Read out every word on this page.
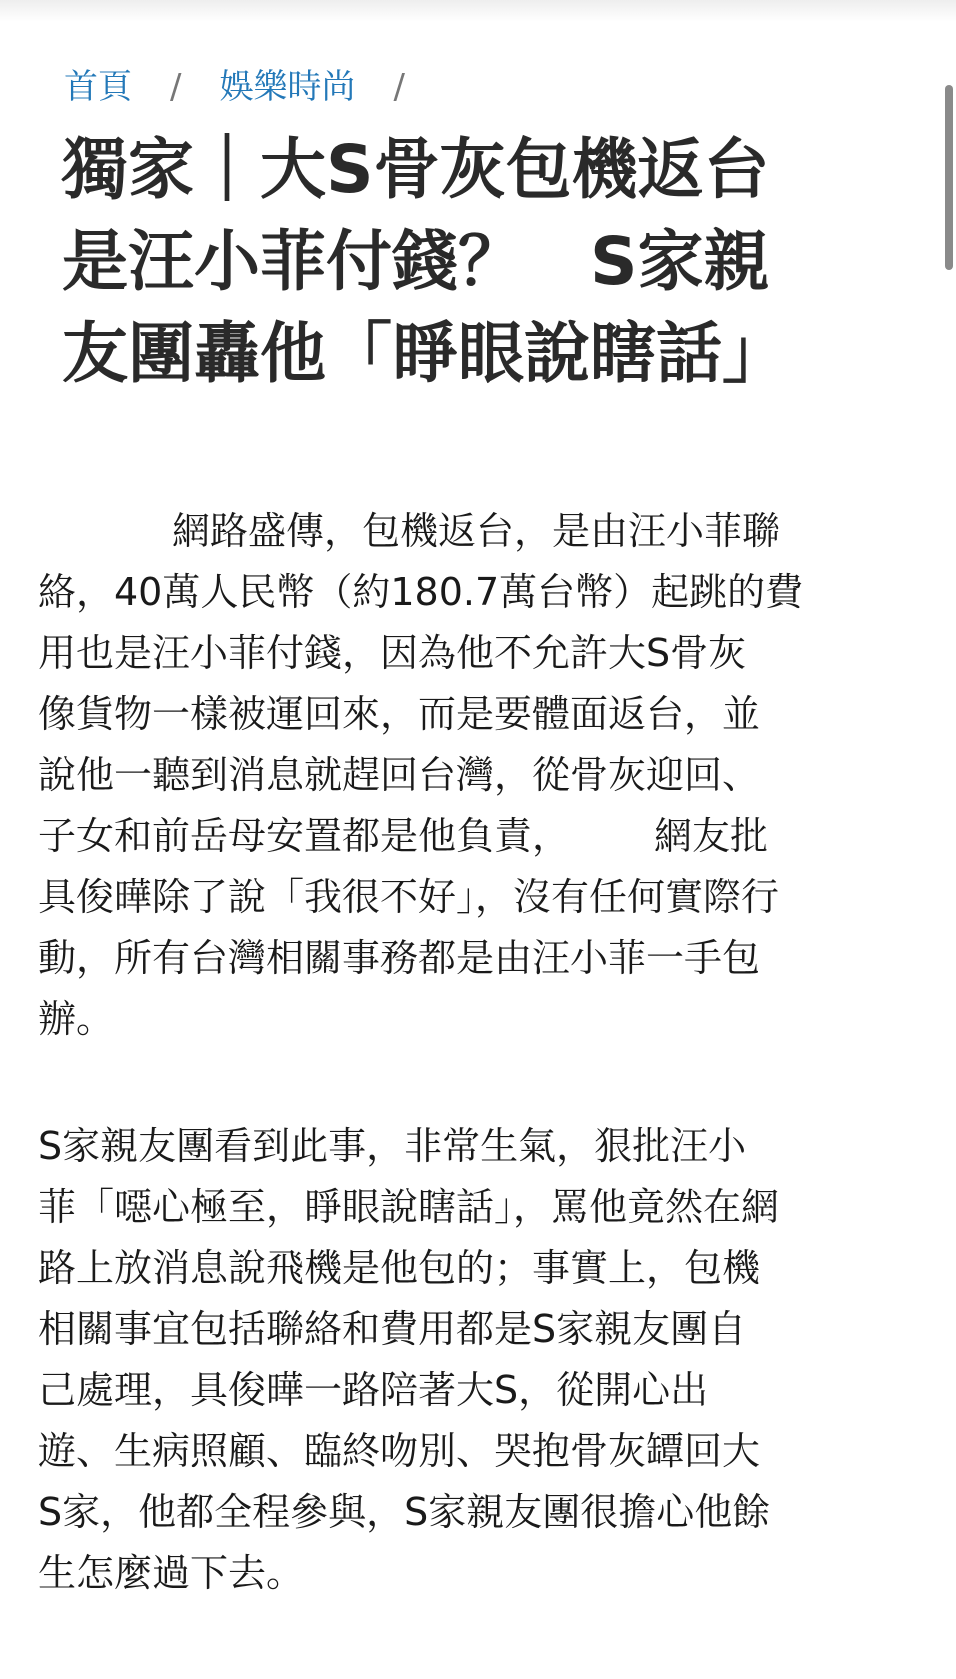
首頁 / 娛樂時尚 /
獨家｜大S骨灰包機返台
是汪小菲付錢？　S家親
友團轟他「睜眼說瞎話」

網路盛傳，包機返台，是由汪小菲聯
絡，40萬人民幣（約180.7萬台幣）起跳的費
用也是汪小菲付錢，因為他不允許大S骨灰
像貨物一樣被運回來，而是要體面返台，並
說他一聽到消息就趕回台灣，從骨灰迎回、
子女和前岳母安置都是他負責， 網友批
具俊曄除了說「我很不好」，沒有任何實際行
動，所有台灣相關事務都是由汪小菲一手包
辦。

S家親友團看到此事，非常生氣，狠批汪小
菲「噁心極至，睜眼說瞎話」，罵他竟然在網
路上放消息說飛機是他包的；事實上，包機
相關事宜包括聯絡和費用都是S家親友團自
己處理，具俊曄一路陪著大S，從開心出
遊、生病照顧、臨終吻別、哭抱骨灰罈回大
S家，他都全程參與，S家親友團很擔心他餘
生怎麼過下去。
